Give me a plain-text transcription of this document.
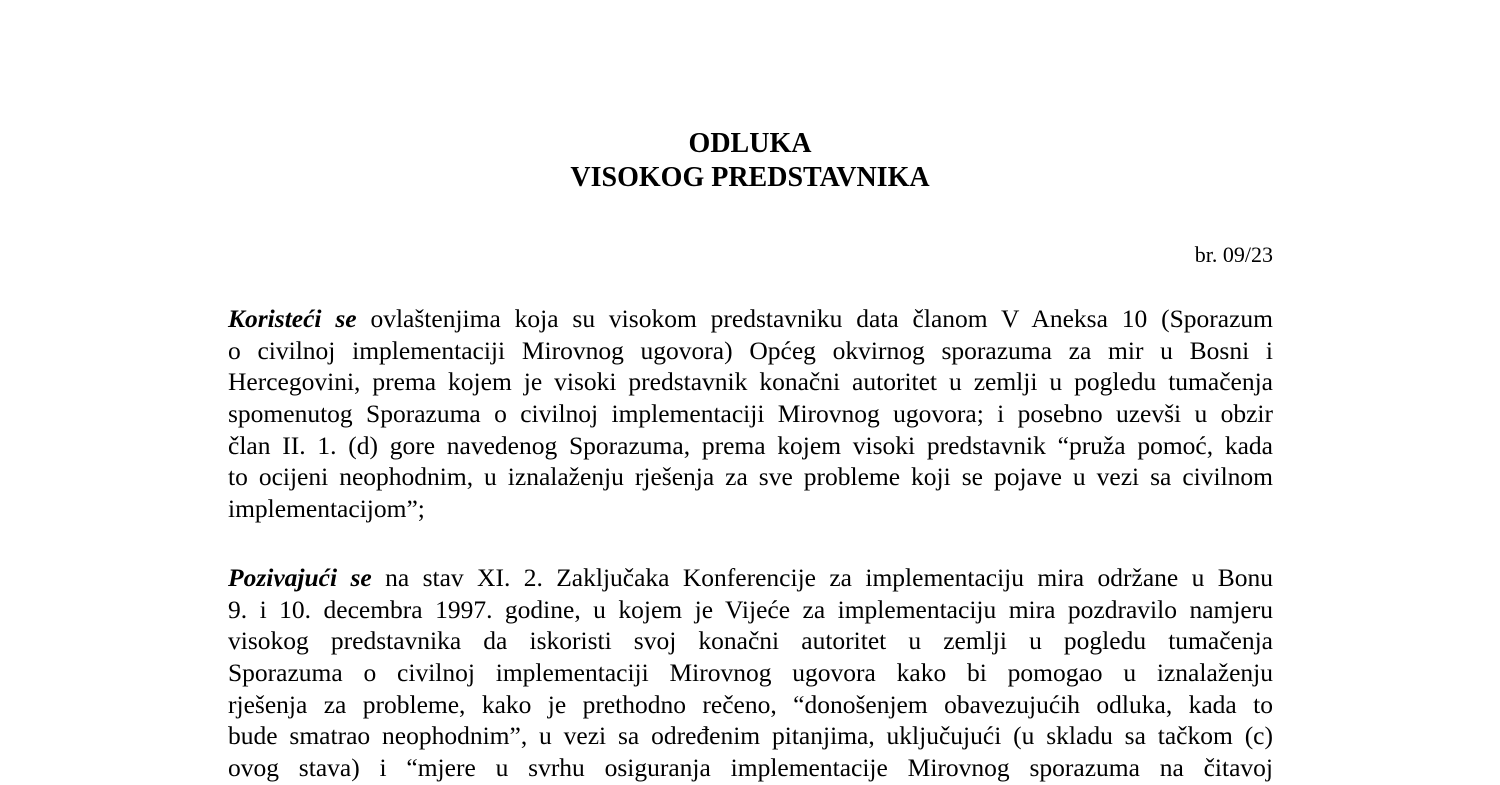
ODLUKA
VISOKOG PREDSTAVNIKA
br. 09/23
Koristeći se ovlaštenjima koja su visokom predstavniku data članom V Aneksa 10 (Sporazum
o civilnoj implementaciji Mirovnog ugovora) Općeg okvirnog sporazuma za mir u Bosni i
Hercegovini, prema kojem je visoki predstavnik konačni autoritet u zemlji u pogledu tumačenja
spomenutog Sporazuma o civilnoj implementaciji Mirovnog ugovora; i posebno uzevši u obzir
član II. 1. (d) gore navedenog Sporazuma, prema kojem visoki predstavnik “pruža pomoć, kada
to ocijeni neophodnim, u iznalaženju rješenja za sve probleme koji se pojave u vezi sa civilnom
implementacijom”;
Pozivajući se na stav XI. 2. Zaključaka Konferencije za implementaciju mira održane u Bonu
9. i 10. decembra 1997. godine, u kojem je Vijeće za implementaciju mira pozdravilo namjeru
visokog predstavnika da iskoristi svoj konačni autoritet u zemlji u pogledu tumačenja
Sporazuma o civilnoj implementaciji Mirovnog ugovora kako bi pomogao u iznalaženju
rješenja za probleme, kako je prethodno rečeno, “donošenjem obavezujućih odluka, kada to
bude smatrao neophodnim”, u vezi sa određenim pitanjima, uključujući (u skladu sa tačkom (c)
ovog stava) i “mjere u svrhu osiguranja implementacije Mirovnog sporazuma na čitavoj
